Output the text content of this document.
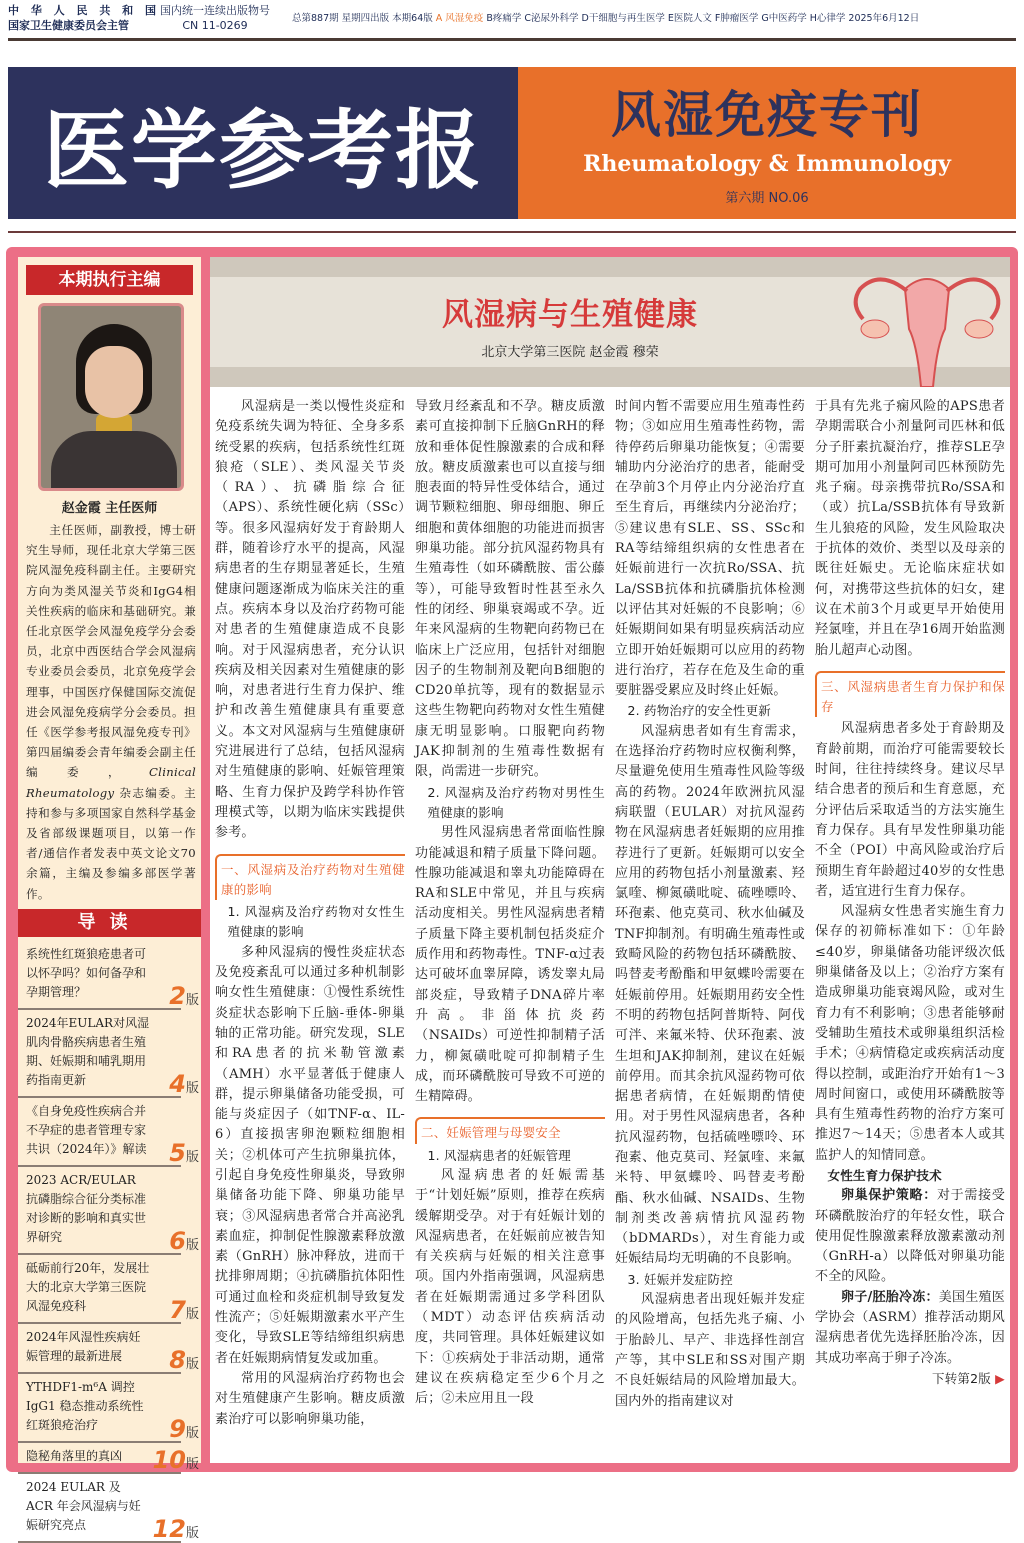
中 华 人 民 共 和 国
国家卫生健康委员会主管
国内统一连续出版物号
CN 11-0269
总第887期 星期四出版 本期64版 A 风湿免疫 B疼痛学 C泌尿外科学 D干细胞与再生医学 E医院人文 F肿瘤医学 G中医药学 H心律学 2025年6月12日
医学参考报	风湿免疫专刊
Rheumatology & Immunology
第六期 NO.06
本期执行主编
赵金霞 主任医师
主任医师，副教授，博士研究生导师，现任北京大学第三医院风湿免疫科副主任。主要研究方向为类风湿关节炎和IgG4相关性疾病的临床和基础研究。兼任北京医学会风湿免疫学分会委员，北京中西医结合学会风湿病专业委员会委员，北京免疫学会理事，中国医疗保健国际交流促进会风湿免疫病学分会委员。担任《医学参考报风湿免疫专刊》第四届编委会青年编委会副主任编委，Clinical Rheumatology 杂志编委。主持和参与多项国家自然科学基金及省部级课题项目，以第一作者/通信作者发表中英文论文70余篇，主编及参编多部医学著作。
导读
系统性红斑狼疮患者可以怀孕吗？如何备孕和孕期管理？	2版
2024年EULAR对风湿肌肉骨骼疾病患者生殖期、妊娠期和哺乳期用药指南更新	4版
《自身免疫性疾病合并不孕症的患者管理专家共识（2024年）》解读 5版
2023 ACR/EULAR 抗磷脂综合征分类标准对诊断的影响和真实世界研究	6版
砥砺前行20年，发展壮大的北京大学第三医院风湿免疫科	7版
2024年风湿性疾病妊娠管理的最新进展 8版
YTHDF1-m⁶A 调控 IgG1 稳态推动系统性红斑狼疮治疗	9版
隐秘角落里的真凶 10版
2024 EULAR 及 ACR 年会风湿病与妊娠研究亮点	12版
风湿病与生殖健康
北京大学第三医院 赵金霞 穆荣

风湿病是一类以慢性炎症和免疫系统失调为特征、全身多系统受累的疾病，包括系统性红斑狼疮（SLE）、类风湿关节炎（RA）、抗磷脂综合征（APS）、系统性硬化病（SSc）等。很多风湿病好发于育龄期人群，随着诊疗水平的提高，风湿病患者的生存期显著延长，生殖健康问题逐渐成为临床关注的重点。疾病本身以及治疗药物可能对患者的生殖健康造成不良影响。对于风湿病患者，充分认识疾病及相关因素对生殖健康的影响，对患者进行生育力保护、维护和改善生殖健康具有重要意义。本文对风湿病与生殖健康研究进展进行了总结，包括风湿病对生殖健康的影响、妊娠管理策略、生育力保护及跨学科协作管理模式等，以期为临床实践提供参考。

一、风湿病及治疗药物对生殖健康的影响
1. 风湿病及治疗药物对女性生殖健康的影响

多种风湿病的慢性炎症状态及免疫紊乱可以通过多种机制影响女性生殖健康：①慢性系统性炎症状态影响下丘脑-垂体-卵巢轴的正常功能。研究发现，SLE和RA患者的抗米勒管激素（AMH）水平显著低于健康人群，提示卵巢储备功能受损，可能与炎症因子（如TNF-α、IL-6）直接损害卵泡颗粒细胞相关；②机体可产生抗卵巢抗体，引起自身免疫性卵巢炎，导致卵巢储备功能下降、卵巢功能早衰；③风湿病患者常合并高泌乳素血症，抑制促性腺激素释放激素（GnRH）脉冲释放，进而干扰排卵周期；④抗磷脂抗体阳性可通过血栓和炎症机制导致复发性流产；⑤妊娠期激素水平产生变化，导致SLE等结缔组织病患者在妊娠期病情复发或加重。

常用的风湿病治疗药物也会对生殖健康产生影响。糖皮质激素治疗可以影响卵巢功能，

导致月经紊乱和不孕。糖皮质激素可直接抑制下丘脑GnRH的释放和垂体促性腺激素的合成和释放。糖皮质激素也可以直接与细胞表面的特异性受体结合，通过调节颗粒细胞、卵母细胞、卵丘细胞和黄体细胞的功能进而损害卵巢功能。部分抗风湿药物具有生殖毒性（如环磷酰胺、雷公藤等），可能导致暂时性甚至永久性的闭经、卵巢衰竭或不孕。近年来风湿病的生物靶向药物已在临床上广泛应用，包括针对细胞因子的生物制剂及靶向B细胞的CD20单抗等，现有的数据显示这些生物靶向药物对女性生殖健康无明显影响。口服靶向药物JAK抑制剂的生殖毒性数据有限，尚需进一步研究。

2. 风湿病及治疗药物对男性生殖健康的影响

男性风湿病患者常面临性腺功能减退和精子质量下降问题。性腺功能减退和睾丸功能障碍在RA和SLE中常见，并且与疾病活动度相关。男性风湿病患者精子质量下降主要机制包括炎症介质作用和药物毒性。TNF-α过表达可破坏血睾屏障，诱发睾丸局部炎症，导致精子DNA碎片率升高。非甾体抗炎药（NSAIDs）可逆性抑制精子活力，柳氮磺吡啶可抑制精子生成，而环磷酰胺可导致不可逆的生精障碍。

二、妊娠管理与母婴安全
1. 风湿病患者的妊娠管理

风湿病患者的妊娠需基于“计划妊娠”原则，推荐在疾病缓解期受孕。对于有妊娠计划的风湿病患者，在妊娠前应被告知有关疾病与妊娠的相关注意事项。国内外指南强调，风湿病患者在妊娠期需通过多学科团队（MDT）动态评估疾病活动度，共同管理。具体妊娠建议如下：①疾病处于非活动期，通常建议在疾病稳定至少6个月之后；②未应用且一段

时间内暂不需要应用生殖毒性药物；③如应用生殖毒性药物，需待停药后卵巢功能恢复；④需要辅助内分泌治疗的患者，能耐受在孕前3个月停止内分泌治疗直至生育后，再继续内分泌治疗；⑤建议患有SLE、SS、SSc和RA等结缔组织病的女性患者在妊娠前进行一次抗Ro/SSA、抗La/SSB抗体和抗磷脂抗体检测以评估其对妊娠的不良影响；⑥妊娠期间如果有明显疾病活动应立即开始妊娠期可以应用的药物进行治疗，若存在危及生命的重要脏器受累应及时终止妊娠。

2. 药物治疗的安全性更新

风湿病患者如有生育需求，在选择治疗药物时应权衡利弊，尽量避免使用生殖毒性风险等级高的药物。2024年欧洲抗风湿病联盟（EULAR）对抗风湿药物在风湿病患者妊娠期的应用推荐进行了更新。妊娠期可以安全应用的药物包括小剂量激素、羟氯喹、柳氮磺吡啶、硫唑嘌呤、环孢素、他克莫司、秋水仙碱及TNF抑制剂。有明确生殖毒性或致畸风险的药物包括环磷酰胺、吗替麦考酚酯和甲氨蝶呤需要在妊娠前停用。妊娠期用药安全性不明的药物包括阿普斯特、阿伐可泮、来氟米特、伏环孢素、波生坦和JAK抑制剂，建议在妊娠前停用。而其余抗风湿药物可依据患者病情，在妊娠期酌情使用。对于男性风湿病患者，各种抗风湿药物，包括硫唑嘌呤、环孢素、他克莫司、羟氯喹、来氟米特、甲氨蝶呤、吗替麦考酚酯、秋水仙碱、NSAIDs、生物制剂类改善病情抗风湿药物（bDMARDs），对生育能力或妊娠结局均无明确的不良影响。

3. 妊娠并发症防控

风湿病患者出现妊娠并发症的风险增高，包括先兆子痫、小于胎龄儿、早产、非选择性剖宫产等，其中SLE和SS对围产期不良妊娠结局的风险增加最大。国内外的指南建议对

于具有先兆子痫风险的APS患者孕期需联合小剂量阿司匹林和低分子肝素抗凝治疗，推荐SLE孕期可加用小剂量阿司匹林预防先兆子痫。母亲携带抗Ro/SSA和（或）抗La/SSB抗体有导致新生儿狼疮的风险，发生风险取决于抗体的效价、类型以及母亲的既往妊娠史。无论临床症状如何，对携带这些抗体的妇女，建议在术前3个月或更早开始使用羟氯喹，并且在孕16周开始监测胎儿超声心动图。

三、风湿病患者生育力保护和保存

风湿病患者多处于育龄期及育龄前期，而治疗可能需要较长时间，往往持续终身。建议尽早结合患者的预后和生育意愿，充分评估后采取适当的方法实施生育力保存。具有早发性卵巢功能不全（POI）中高风险或治疗后预期生育年龄超过40岁的女性患者，适宜进行生育力保存。

风湿病女性患者实施生育力保存的初筛标准如下：①年龄≤40岁，卵巢储备功能评级次低卵巢储备及以上；②治疗方案有造成卵巢功能衰竭风险，或对生育力有不利影响；③患者能够耐受辅助生殖技术或卵巢组织活检手术；④病情稳定或疾病活动度得以控制，或距治疗开始有1～3周时间窗口，或使用环磷酰胺等具有生殖毒性药物的治疗方案可推迟7～14天；⑤患者本人或其监护人的知情同意。

女性生育力保护技术

卵巢保护策略：对于需接受环磷酰胺治疗的年轻女性，联合使用促性腺激素释放激素激动剂（GnRH-a）以降低对卵巢功能不全的风险。

卵子/胚胎冷冻：美国生殖医学协会（ASRM）推荐活动期风湿病患者优先选择胚胎冷冻，因其成功率高于卵子冷冻。

下转第2版 ▶
